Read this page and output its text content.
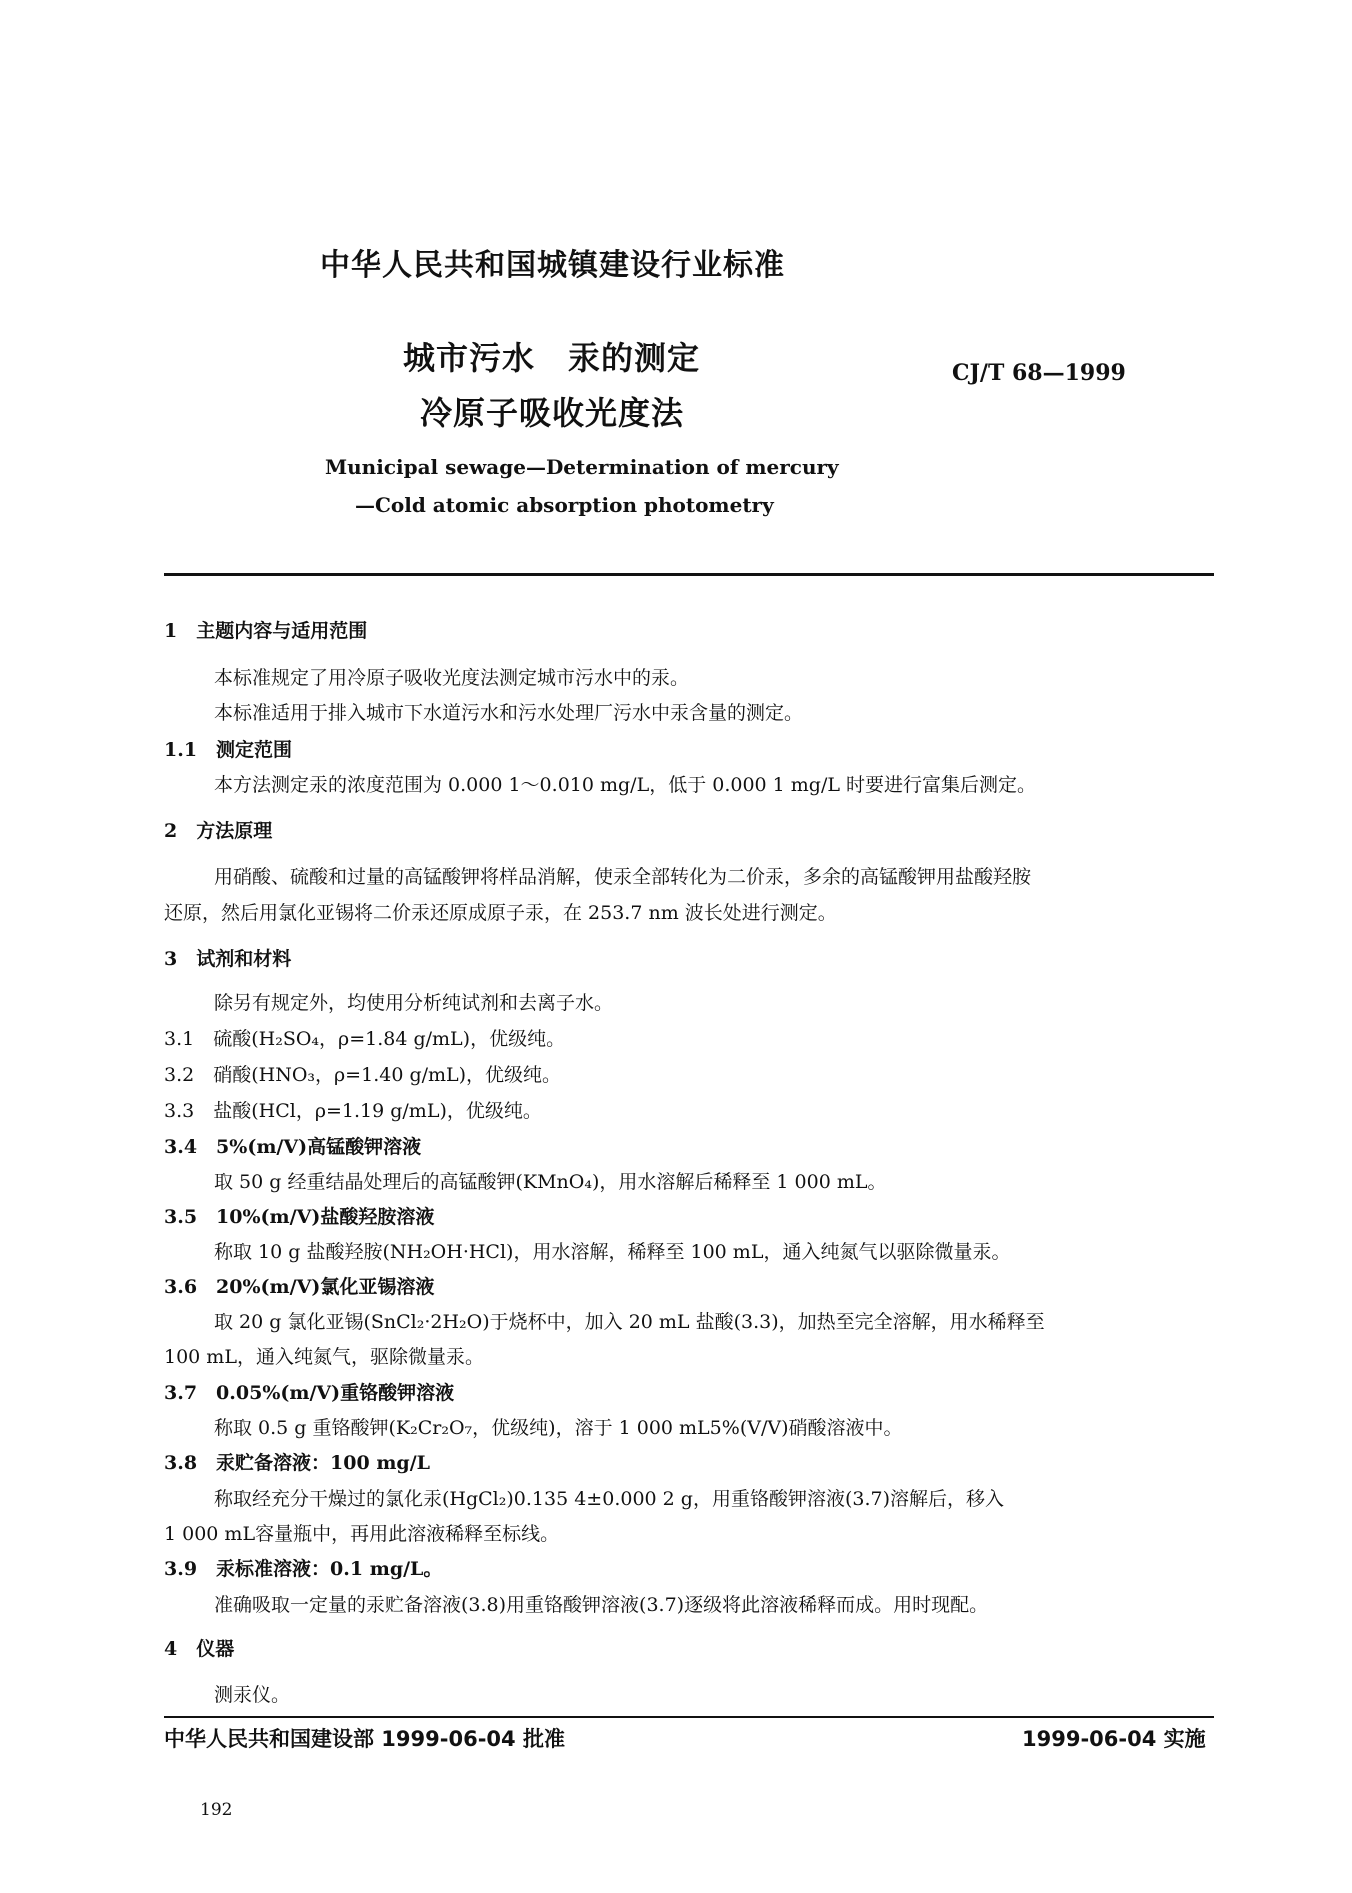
中华人民共和国城镇建设行业标准
城市污水　汞的测定
冷原子吸收光度法
CJ/T 68—1999
Municipal sewage—Determination of mercury
—Cold atomic absorption photometry
1　主题内容与适用范围
本标准规定了用冷原子吸收光度法测定城市污水中的汞。
本标准适用于排入城市下水道污水和污水处理厂污水中汞含量的测定。
1.1　测定范围
本方法测定汞的浓度范围为 0.000 1～0.010 mg/L，低于 0.000 1 mg/L 时要进行富集后测定。
2　方法原理
用硝酸、硫酸和过量的高锰酸钾将样品消解，使汞全部转化为二价汞，多余的高锰酸钾用盐酸羟胺
还原，然后用氯化亚锡将二价汞还原成原子汞，在 253.7 nm 波长处进行测定。
3　试剂和材料
除另有规定外，均使用分析纯试剂和去离子水。
3.1　硫酸(H₂SO₄，ρ=1.84 g/mL)，优级纯。
3.2　硝酸(HNO₃，ρ=1.40 g/mL)，优级纯。
3.3　盐酸(HCl，ρ=1.19 g/mL)，优级纯。
3.4　5%(m/V)高锰酸钾溶液
取 50 g 经重结晶处理后的高锰酸钾(KMnO₄)，用水溶解后稀释至 1 000 mL。
3.5　10%(m/V)盐酸羟胺溶液
称取 10 g 盐酸羟胺(NH₂OH·HCl)，用水溶解，稀释至 100 mL，通入纯氮气以驱除微量汞。
3.6　20%(m/V)氯化亚锡溶液
取 20 g 氯化亚锡(SnCl₂·2H₂O)于烧杯中，加入 20 mL 盐酸(3.3)，加热至完全溶解，用水稀释至
100 mL，通入纯氮气，驱除微量汞。
3.7　0.05%(m/V)重铬酸钾溶液
称取 0.5 g 重铬酸钾(K₂Cr₂O₇，优级纯)，溶于 1 000 mL5%(V/V)硝酸溶液中。
3.8　汞贮备溶液：100 mg/L
称取经充分干燥过的氯化汞(HgCl₂)0.135 4±0.000 2 g，用重铬酸钾溶液(3.7)溶解后，移入
1 000 mL容量瓶中，再用此溶液稀释至标线。
3.9　汞标准溶液：0.1 mg/L。
准确吸取一定量的汞贮备溶液(3.8)用重铬酸钾溶液(3.7)逐级将此溶液稀释而成。用时现配。
4　仪器
测汞仪。
中华人民共和国建设部 1999-06-04 批准	1999-06-04 实施
192
